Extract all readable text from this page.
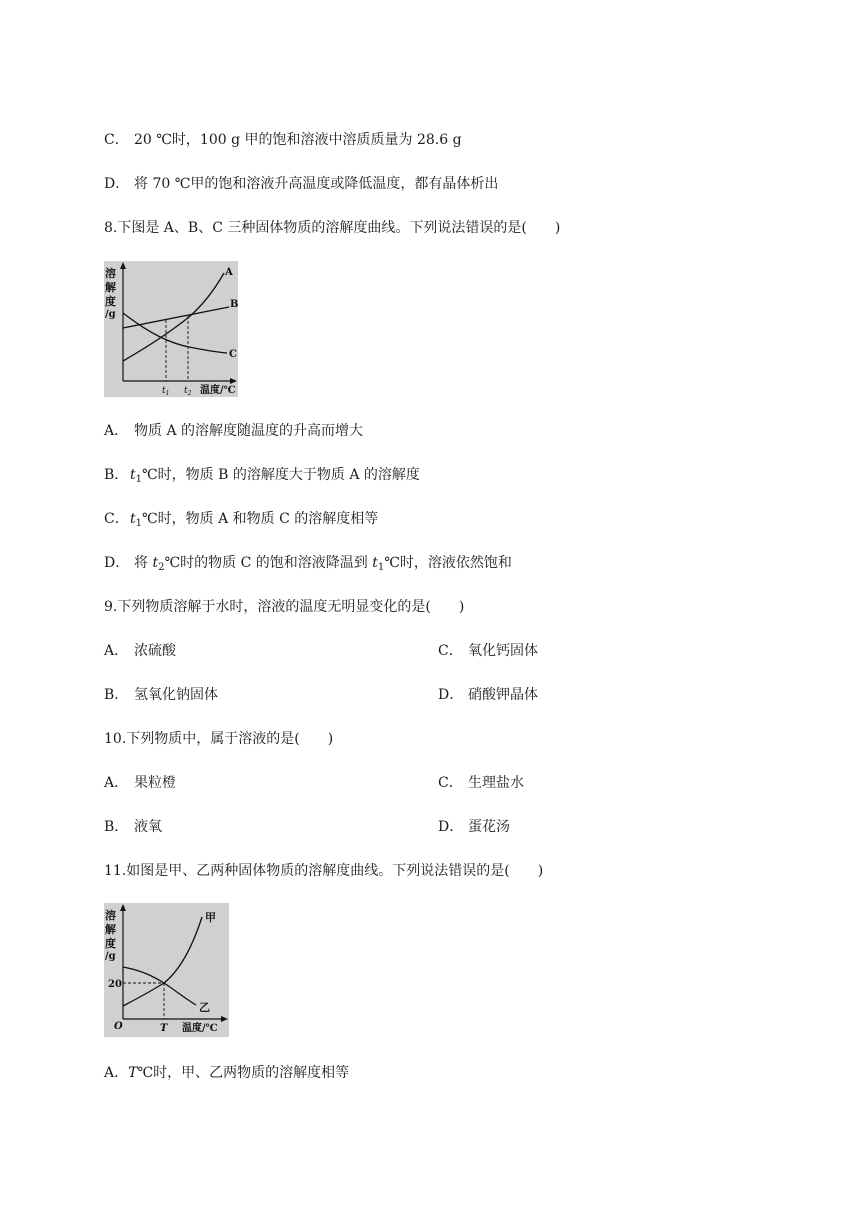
C． 20 ℃时，100 g 甲的饱和溶液中溶质质量为 28.6 g
D． 将 70 ℃甲的饱和溶液升高温度或降低温度，都有晶体析出
8.下图是 A、B、C 三种固体物质的溶解度曲线。下列说法错误的是(　　)
溶
解
度
/g
A
B
C
$t_1$ $t_2$ 温度/℃
A． 物质 A 的溶解度随温度的升高而增大
B． $t_1℃$时，物质 B 的溶解度大于物质 A 的溶解度
C．$t_1℃$时，物质 A 和物质 C 的溶解度相等
D． 将 $t_2℃$时的物质 C 的饱和溶液降温到 $t_1℃$时，溶液依然饱和
9.下列物质溶解于水时，溶液的温度无明显变化的是(　　)
A． 浓硫酸	C． 氧化钙固体
B． 氢氧化钠固体	D． 硝酸钾晶体
10.下列物质中，属于溶液的是(　　)
A． 果粒橙	C． 生理盐水
B． 液氧	D． 蛋花汤
11.如图是甲、乙两种固体物质的溶解度曲线。下列说法错误的是(　　)
溶
解
度
/g
甲
乙
20
O	T 温度/℃
A．T℃时，甲、乙两物质的溶解度相等
